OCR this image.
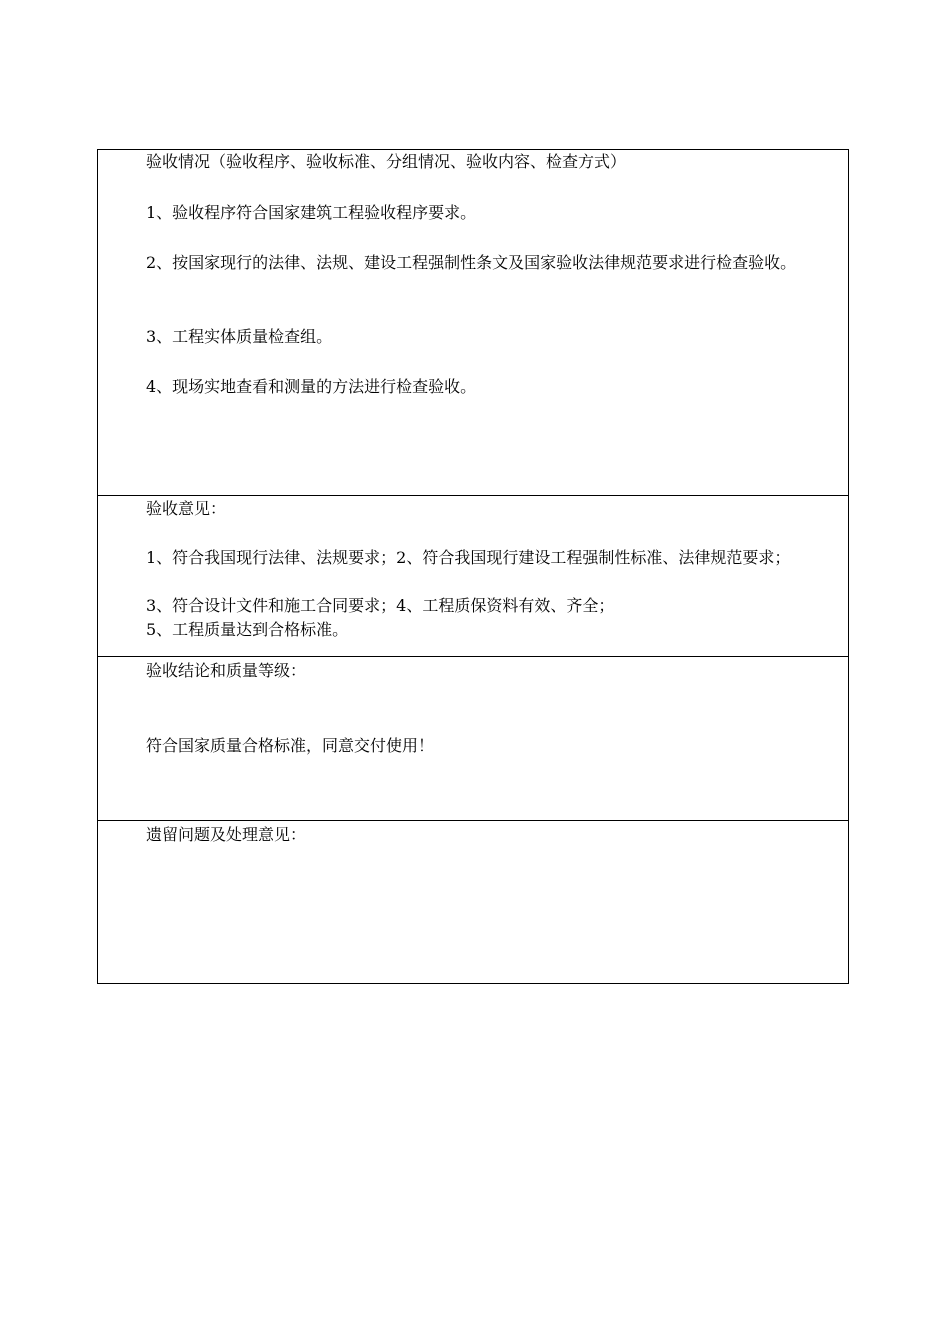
验收情况（验收程序、验收标准、分组情况、验收内容、检查方式）
1、验收程序符合国家建筑工程验收程序要求。
2、按国家现行的法律、法规、建设工程强制性条文及国家验收法律规范要求进行检查验收。
3、工程实体质量检查组。
4、现场实地查看和测量的方法进行检查验收。
验收意见：
1、符合我国现行法律、法规要求；2、符合我国现行建设工程强制性标准、法律规范要求；
3、符合设计文件和施工合同要求；4、工程质保资料有效、齐全；
5、工程质量达到合格标准。
验收结论和质量等级：
符合国家质量合格标准，同意交付使用！
遗留问题及处理意见：
